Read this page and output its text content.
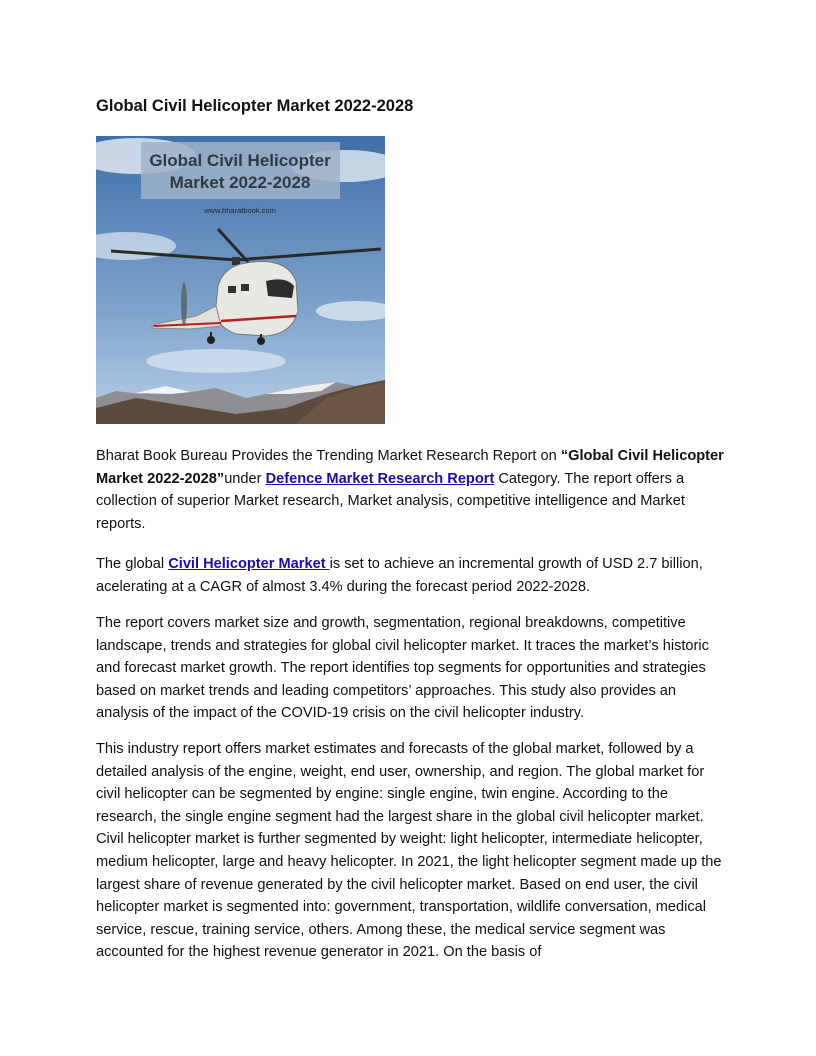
Global Civil Helicopter Market 2022-2028
Global Civil Helicopter
Market 2022-2028
www.bharatbook.com

Bharat Book Bureau Provides the Trending Market Research Report on “Global Civil Helicopter Market 2022-2028”under Defence Market Research Report Category. The report offers a collection of superior Market research, Market analysis, competitive intelligence and Market reports.

The global Civil Helicopter Market is set to achieve an incremental growth of USD 2.7 billion, acelerating at a CAGR of almost 3.4% during the forecast period 2022-2028.

The report covers market size and growth, segmentation, regional breakdowns, competitive landscape, trends and strategies for global civil helicopter market. It traces the market’s historic and forecast market growth. The report identifies top segments for opportunities and strategies based on market trends and leading competitors’ approaches. This study also provides an analysis of the impact of the COVID-19 crisis on the civil helicopter industry.

This industry report offers market estimates and forecasts of the global market, followed by a detailed analysis of the engine, weight, end user, ownership, and region. The global market for civil helicopter can be segmented by engine: single engine, twin engine. According to the research, the single engine segment had the largest share in the global civil helicopter market. Civil helicopter market is further segmented by weight: light helicopter, intermediate helicopter, medium helicopter, large and heavy helicopter. In 2021, the light helicopter segment made up the largest share of revenue generated by the civil helicopter market. Based on end user, the civil helicopter market is segmented into: government, transportation, wildlife conversation, medical service, rescue, training service, others. Among these, the medical service segment was accounted for the highest revenue generator in 2021. On the basis of
